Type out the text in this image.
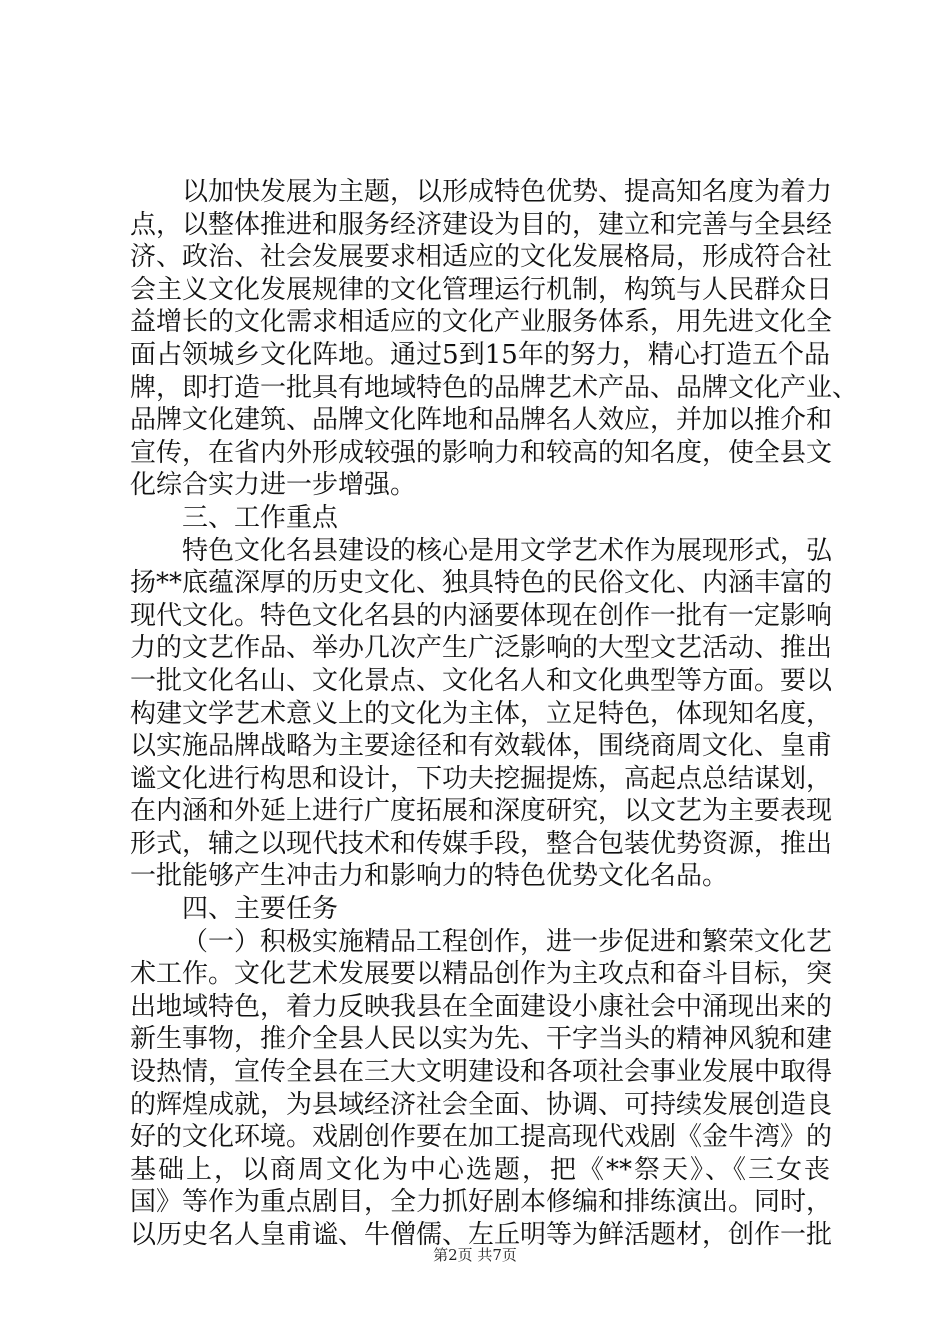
以加快发展为主题，以形成特色优势、提高知名度为着力
点，以整体推进和服务经济建设为目的，建立和完善与全县经
济、政治、社会发展要求相适应的文化发展格局，形成符合社
会主义文化发展规律的文化管理运行机制，构筑与人民群众日
益增长的文化需求相适应的文化产业服务体系，用先进文化全
面占领城乡文化阵地。通过5到15年的努力，精心打造五个品
牌，即打造一批具有地域特色的品牌艺术产品、品牌文化产业、
品牌文化建筑、品牌文化阵地和品牌名人效应，并加以推介和
宣传，在省内外形成较强的影响力和较高的知名度，使全县文
化综合实力进一步增强。
三、工作重点
特色文化名县建设的核心是用文学艺术作为展现形式，弘
扬**底蕴深厚的历史文化、独具特色的民俗文化、内涵丰富的
现代文化。特色文化名县的内涵要体现在创作一批有一定影响
力的文艺作品、举办几次产生广泛影响的大型文艺活动、推出
一批文化名山、文化景点、文化名人和文化典型等方面。要以
构建文学艺术意义上的文化为主体，立足特色，体现知名度，
以实施品牌战略为主要途径和有效载体，围绕商周文化、皇甫
谧文化进行构思和设计，下功夫挖掘提炼，高起点总结谋划，
在内涵和外延上进行广度拓展和深度研究，以文艺为主要表现
形式，辅之以现代技术和传媒手段，整合包装优势资源，推出
一批能够产生冲击力和影响力的特色优势文化名品。
四、主要任务
（一）积极实施精品工程创作，进一步促进和繁荣文化艺
术工作。文化艺术发展要以精品创作为主攻点和奋斗目标，突
出地域特色，着力反映我县在全面建设小康社会中涌现出来的
新生事物，推介全县人民以实为先、干字当头的精神风貌和建
设热情，宣传全县在三大文明建设和各项社会事业发展中取得
的辉煌成就，为县域经济社会全面、协调、可持续发展创造良
好的文化环境。戏剧创作要在加工提高现代戏剧《金牛湾》的
基础上，以商周文化为中心选题，把《**祭天》、《三女丧
国》等作为重点剧目，全力抓好剧本修编和排练演出。同时，
以历史名人皇甫谧、牛僧儒、左丘明等为鲜活题材，创作一批
第2页 共7页
